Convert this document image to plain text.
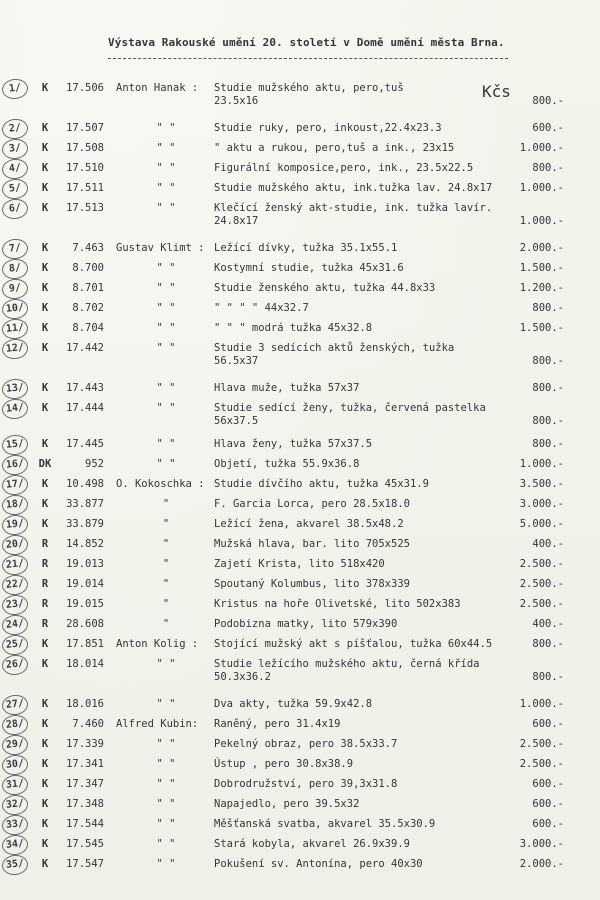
Výstava Rakouské umění 20. století v Domě umění města Brna.
Kčs
1/	K	17.506 Anton Hanak :	Studie mužského aktu, pero,tuš
23.5x16	800.-
2/	K	17.507	" "	Studie ruky, pero, inkoust,22.4x23.3	600.-
3/	K	17.508	" "	" aktu a rukou, pero,tuš a ink., 23x15	1.000.-
4/	K	17.510	" "	Figurální komposice,pero, ink., 23.5x22.5	800.-
5/	K	17.511	" "	Studie mužského aktu, ink.tužka lav. 24.8x17	1.000.-
6/	K	17.513	" "	Klečící ženský akt-studie, ink. tužka lavír.
24.8x17	1.000.-
7/	K	7.463 Gustav Klimt : Ležící dívky, tužka 35.1x55.1	2.000.-
8/	K	8.700	" "	Kostymní studie, tužka 45x31.6	1.500.-
9/	K	8.701	" "	Studie ženského aktu, tužka 44.8x33	1.200.-
10/	K	8.702	" "	" " " " 44x32.7	800.-
11/	K	8.704	" "	" " " modrá tužka 45x32.8	1.500.-
12/	K	17.442	" "	Studie 3 sedících aktů ženských, tužka
56.5x37	800.-
13/	K	17.443	" "	Hlava muže, tužka 57x37	800.-
14/	K	17.444	" "	Studie sedící ženy, tužka, červená pastelka
56x37.5	800.-
15/	K	17.445	" "	Hlava ženy, tužka 57x37.5	800.-
16/	DK	952	" "	Objetí, tužka 55.9x36.8	1.000.-
17/	K	10.498 O. Kokoschka : Studie dívčího aktu, tužka 45x31.9	3.500.-
18/	K	33.877	"	F. Garcia Lorca, pero 28.5x18.0	3.000.-
19/	K	33.879	"	Ležící žena, akvarel 38.5x48.2	5.000.-
20/	R	14.852	"	Mužská hlava, bar. lito 705x525	400.-
21/	R	19.013	"	Zajetí Krista, lito 518x420	2.500.-
22/	R	19.014	"	Spoutaný Kolumbus, lito 378x339	2.500.-
23/	R	19.015	"	Kristus na hoře Olivetské, lito 502x383	2.500.-
24/	R	28.608	"	Podobizna matky, lito 579x390	400.-
25/	K	17.851 Anton Kolig :	Stojící mužský akt s píšťalou, tužka 60x44.5	800.-
26/	K	18.014	" "	Studie ležícího mužského aktu, černá křída
50.3x36.2	800.-
27/	K	18.016	" "	Dva akty, tužka 59.9x42.8	1.000.-
28/	K	7.460 Alfred Kubin:	Raněný, pero 31.4x19	600.-
29/	K	17.339	" "	Pekelný obraz, pero 38.5x33.7	2.500.-
30/	K	17.341	" "	Ústup , pero 30.8x38.9	2.500.-
31/	K	17.347	" "	Dobrodružství, pero 39,3x31.8	600.-
32/	K	17.348	" "	Napajedlo, pero 39.5x32	600.-
33/	K	17.544	" "	Měšťanská svatba, akvarel 35.5x30.9	600.-
34/	K	17.545	" "	Stará kobyla, akvarel 26.9x39.9	3.000.-
35/	K	17.547	" "	Pokušení sv. Antonína, pero 40x30	2.000.-
